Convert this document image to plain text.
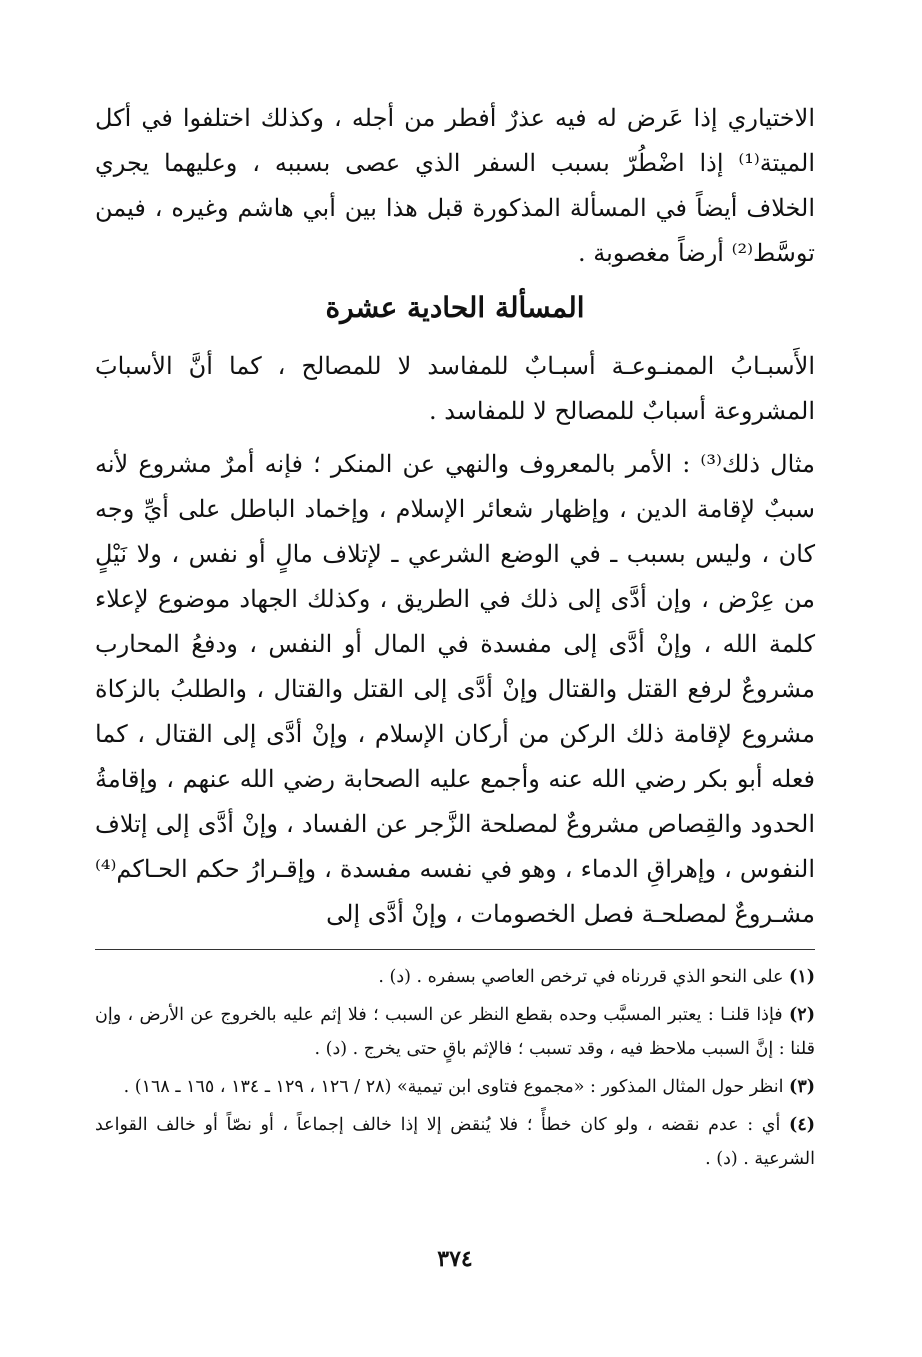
الاختياري إذا عَرض له فيه عذرٌ أفطر من أجله ، وكذلك اختلفوا في أكل الميتة⁽¹⁾ إذا اضْطُرّ بسبب السفر الذي عصى بسببه ، وعليهما يجري الخلاف أيضاً في المسألة المذكورة قبل هذا بين أبي هاشم وغيره ، فيمن توسَّط⁽²⁾ أرضاً مغصوبة .

المسألة الحادية عشرة

الأَسبـابُ الممنـوعـة أسبـابٌ للمفاسد لا للمصالح ، كما أنَّ الأسبابَ المشروعة أسبابٌ للمصالح لا للمفاسد .

مثال ذلك⁽³⁾ : الأمر بالمعروف والنهي عن المنكر ؛ فإنه أمرٌ مشروع لأنه سببٌ لإقامة الدين ، وإظهار شعائر الإسلام ، وإخماد الباطل على أيِّ وجه كان ، وليس بسبب ـ في الوضع الشرعي ـ لإتلاف مالٍ أو نفس ، ولا نَيْلٍ من عِرْض ، وإن أدَّى إلى ذلك في الطريق ، وكذلك الجهاد موضوع لإعلاء كلمة الله ، وإنْ أدَّى إلى مفسدة في المال أو النفس ، ودفعُ المحارب مشروعٌ لرفع القتل والقتال وإنْ أدَّى إلى القتل والقتال ، والطلبُ بالزكاة مشروع لإقامة ذلك الركن من أركان الإسلام ، وإنْ أدَّى إلى القتال ، كما فعله أبو بكر رضي الله عنه وأجمع عليه الصحابة رضي الله عنهم ، وإقامةُ الحدود والقِصاص مشروعٌ لمصلحة الزَّجر عن الفساد ، وإنْ أدَّى إلى إتلاف النفوس ، وإهراقِ الدماء ، وهو في نفسه مفسدة ، وإقـرارُ حكم الحـاكم⁽⁴⁾ مشـروعٌ لمصلحـة فصل الخصومات ، وإنْ أدَّى إلى

(١) على النحو الذي قررناه في ترخص العاصي بسفره . (د) .

(٢) فإذا قلنـا : يعتبر المسبَّب وحده بقطع النظر عن السبب ؛ فلا إثم عليه بالخروج عن الأرض ، وإن قلنا : إنَّ السبب ملاحظ فيه ، وقد تسبب ؛ فالإثم باقٍ حتى يخرج . (د) .

(٣) انظر حول المثال المذكور : «مجموع فتاوى ابن تيمية» (٢٨ / ١٢٦ ، ١٢٩ ـ ١٣٤ ، ١٦٥ ـ ١٦٨) .

(٤) أي : عدم نقضه ، ولو كان خطأً ؛ فلا يُنقض إلا إذا خالف إجماعاً ، أو نصّاً أو خالف القواعد الشرعية . (د) .

٣٧٤
